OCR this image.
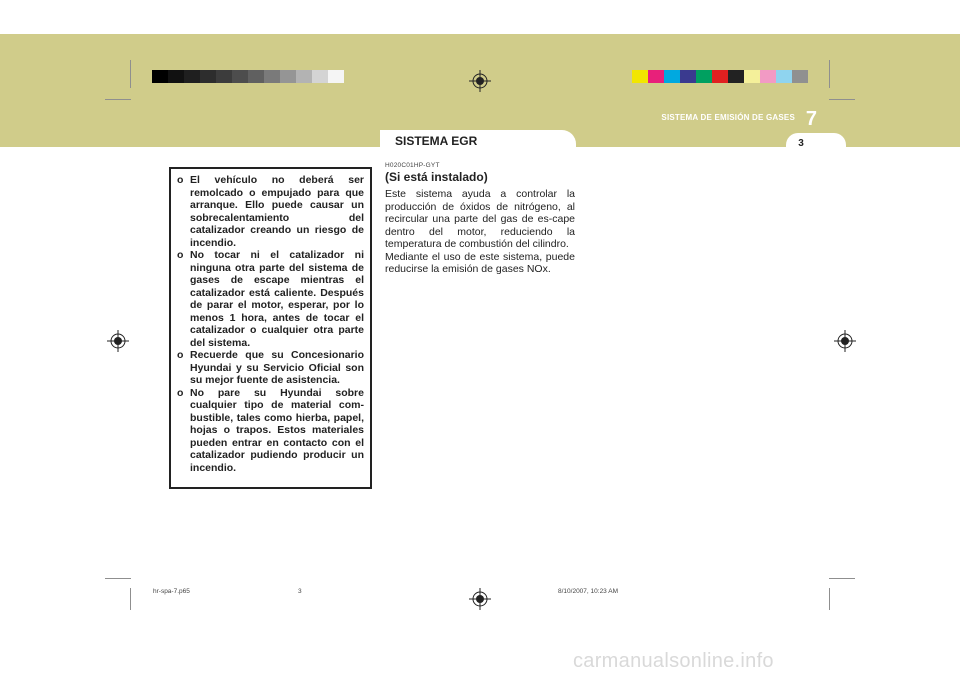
7
SISTEMA DE EMISIÓN DE GASES
SISTEMA EGR	3
o El vehículo no deberá ser remolcado o empujado para que arranque. Ello puede causar un sobrecalentamiento del catalizador creando un riesgo de incendio.
o No tocar ni el catalizador ni ninguna otra parte del sistema de gases de escape mientras el catalizador está caliente. Después de parar el motor, esperar, por lo menos 1 hora, antes de tocar el catalizador o cualquier otra parte del sistema.
o Recuerde que su Concesionario Hyundai y su Servicio Oficial son su mejor fuente de asistencia.
o No pare su Hyundai sobre cualquier tipo de material com-bustible, tales como hierba, papel, hojas o trapos. Estos materiales pueden entrar en contacto con el catalizador pudiendo producir un incendio.
H020C01HP-GYT
(Si está instalado)
Este sistema ayuda a controlar la producción de óxidos de nitrógeno, al recircular una parte del gas de es-cape dentro del motor, reduciendo la temperatura de combustión del cilindro.
Mediante el uso de este sistema, puede reducirse la emisión de gases NOx.
hr-spa-7.p65	3	8/10/2007, 10:23 AM
carmanualsonline.info
